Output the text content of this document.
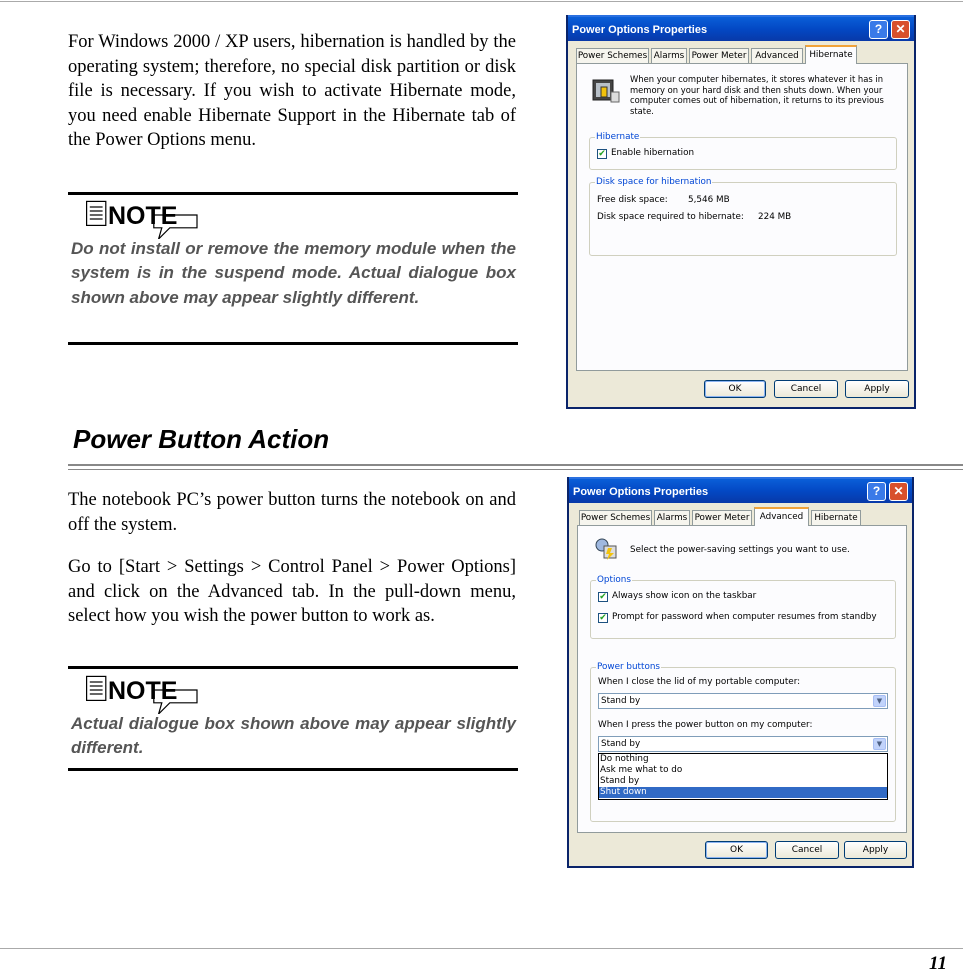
For Windows 2000 / XP users, hibernation is handled by the operating system; therefore, no special disk partition or disk file is necessary. If you wish to activate Hibernate mode, you need enable Hibernate Support in the Hibernate tab of the Power Options menu.

NOTE

Do not install or remove the memory module when the system is in the suspend mode. Actual dialogue box shown above may appear slightly different.

Power Options Properties	?	✕
Power Schemes Alarms Power Meter	Advanced	Hibernate
When your computer hibernates, it stores whatever it has in memory on your hard disk and then shuts down. When your computer comes out of hibernation, it returns to its previous state.
Hibernate
✔ Enable hibernation
Disk space for hibernation
Free disk space: 5,546 MB
Disk space required to hibernate: 224 MB
OK	Cancel	Apply
Power Button Action

The notebook PC’s power button turns the notebook on and off the system.

Go to [Start > Settings > Control Panel > Power Options] and click on the Advanced tab. In the pull-down menu, select how you wish the power button to work as.

NOTE

Actual dialogue box shown above may appear slightly different.

Power Options Properties	?	✕
Power Schemes Alarms Power Meter	Advanced	Hibernate
Select the power-saving settings you want to use.
Options
✔ Always show icon on the taskbar
✔ Prompt for password when computer resumes from standby
Power buttons
When I close the lid of my portable computer:
Stand by	▼
When I press the power button on my computer:
Stand by	▼
Do nothing
Ask me what to do
Stand by
Shut down
OK	Cancel	Apply
11
